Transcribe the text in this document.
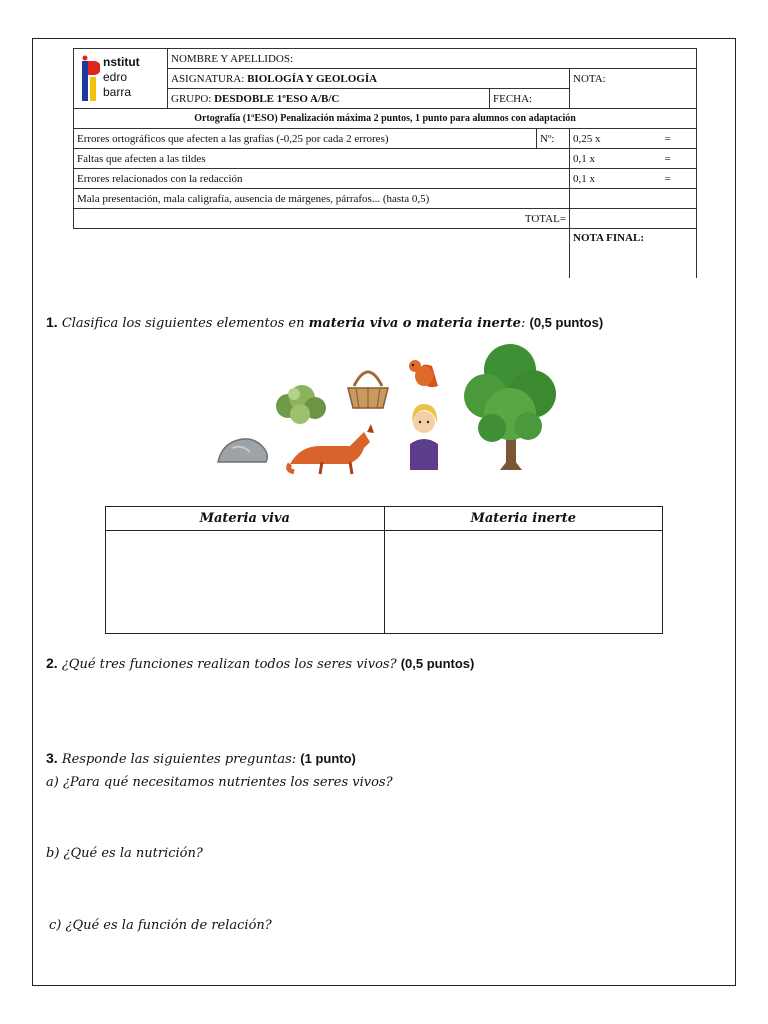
nstitut
edro
barra	NOMBRE Y APELLIDOS:				
	ASIGNATURA: BIOLOGÍA Y GEOLOGÍA			NOTA:	
	GRUPO: DESDOBLE 1ºESO A/B/C	FECHA:			
Ortografía (1ºESO) Penalización máxima 2 puntos, 1 punto para alumnos con adaptación					
Errores ortográficos que afecten a las grafías (-0,25 por cada 2 errores)			Nº:	0,25 x	=
Faltas que afecten a las tildes				0,1 x	=
Errores relacionados con la redacción				0,1 x	=
Mala presentación, mala caligrafía, ausencia de márgenes, párrafos... (hasta 0,5)					
TOTAL=					
				NOTA FINAL:	
1. Clasifica los siguientes elementos en materia viva o materia inerte: (0,5 puntos)
Materia viva	Materia inerte

2. ¿Qué tres funciones realizan todos los seres vivos? (0,5 puntos)
3. Responde las siguientes preguntas: (1 punto)
a) ¿Para qué necesitamos nutrientes los seres vivos?
b) ¿Qué es la nutrición?
c) ¿Qué es la función de relación?
